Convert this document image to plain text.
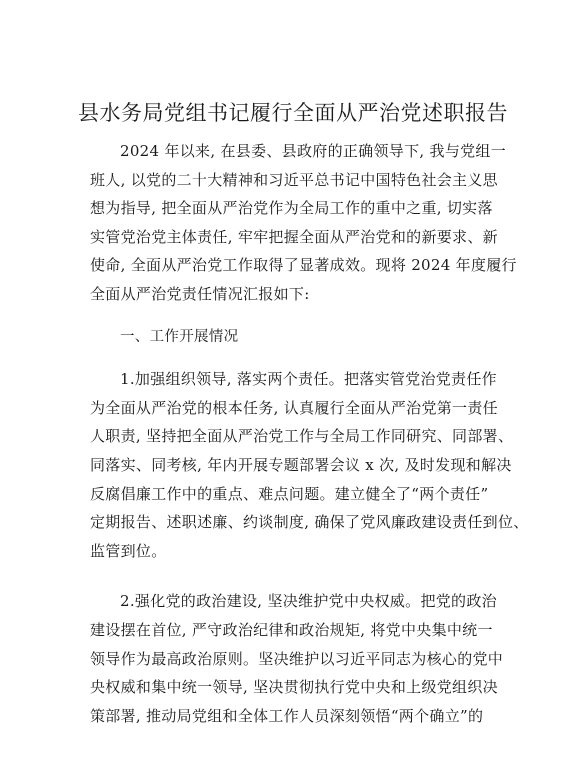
县水务局党组书记履行全面从严治党述职报告
2024 年以来, 在县委、县政府的正确领导下, 我与党组一
班人, 以党的二十大精神和习近平总书记中国特色社会主义思
想为指导, 把全面从严治党作为全局工作的重中之重, 切实落
实管党治党主体责任, 牢牢把握全面从严治党和的新要求、新
使命, 全面从严治党工作取得了显著成效。现将 2024 年度履行
全面从严治党责任情况汇报如下:
一、工作开展情况
1.加强组织领导, 落实两个责任。把落实管党治党责任作
为全面从严治党的根本任务, 认真履行全面从严治党第一责任
人职责, 坚持把全面从严治党工作与全局工作同研究、同部署、
同落实、同考核, 年内开展专题部署会议 x 次, 及时发现和解决
反腐倡廉工作中的重点、难点问题。建立健全了“两个责任”
定期报告、述职述廉、约谈制度, 确保了党风廉政建设责任到位、
监管到位。
2.强化党的政治建设, 坚决维护党中央权威。把党的政治
建设摆在首位, 严守政治纪律和政治规矩, 将党中央集中统一
领导作为最高政治原则。坚决维护以习近平同志为核心的党中
央权威和集中统一领导, 坚决贯彻执行党中央和上级党组织决
策部署, 推动局党组和全体工作人员深刻领悟“两个确立”的
